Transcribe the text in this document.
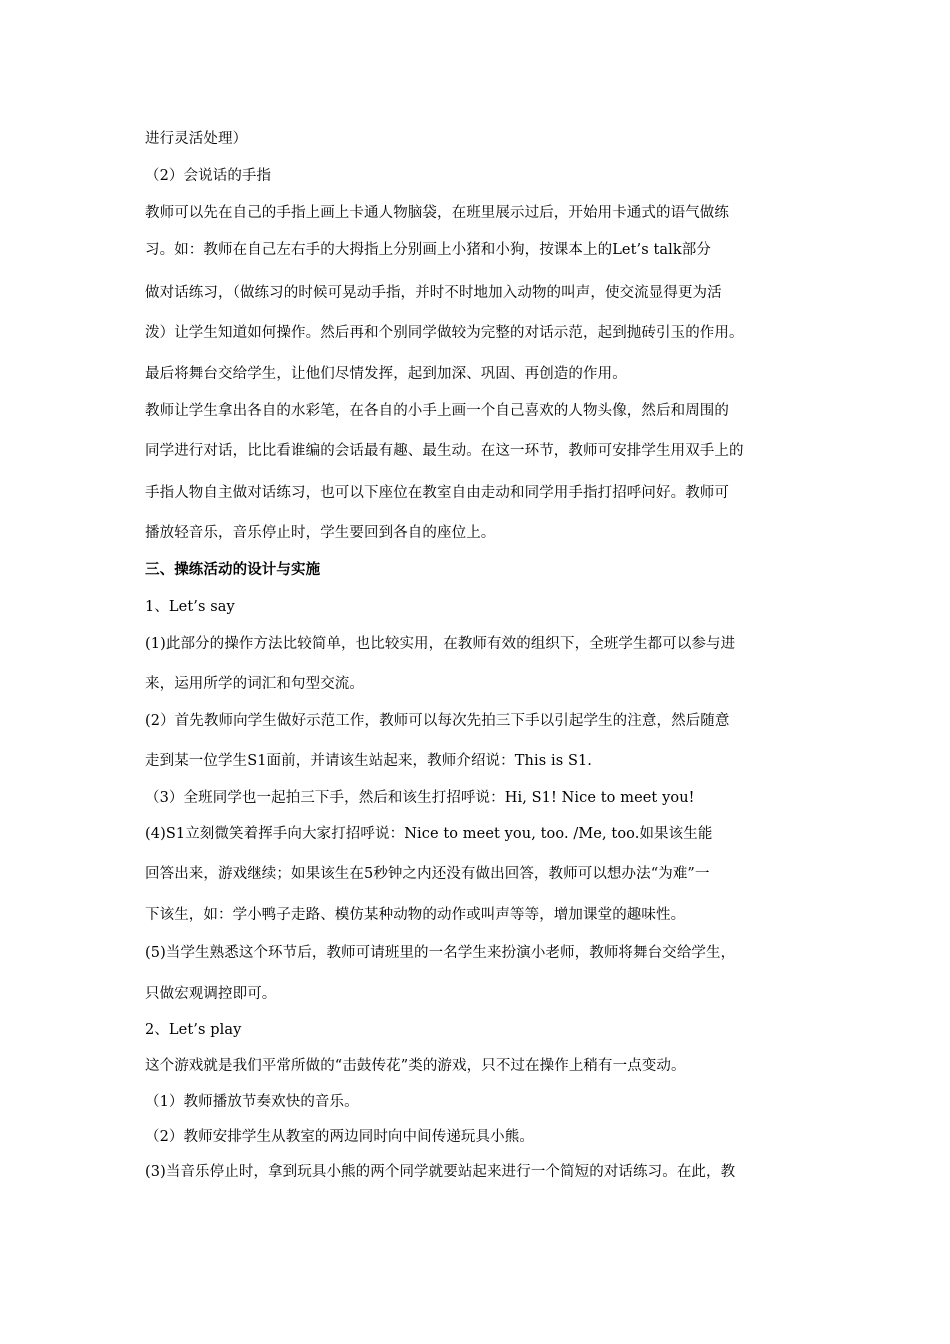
进行灵活处理）
（2）会说话的手指
教师可以先在自己的手指上画上卡通人物脑袋，在班里展示过后，开始用卡通式的语气做练
习。如：教师在自己左右手的大拇指上分别画上小猪和小狗，按课本上的Let’s talk部分
做对话练习，（做练习的时候可晃动手指，并时不时地加入动物的叫声，使交流显得更为活
泼）让学生知道如何操作。然后再和个别同学做较为完整的对话示范，起到抛砖引玉的作用。
最后将舞台交给学生，让他们尽情发挥，起到加深、巩固、再创造的作用。
教师让学生拿出各自的水彩笔，在各自的小手上画一个自己喜欢的人物头像，然后和周围的
同学进行对话，比比看谁编的会话最有趣、最生动。在这一环节，教师可安排学生用双手上的
手指人物自主做对话练习，也可以下座位在教室自由走动和同学用手指打招呼问好。教师可
播放轻音乐，音乐停止时，学生要回到各自的座位上。
三、操练活动的设计与实施
1、Let’s say
(1)此部分的操作方法比较简单，也比较实用，在教师有效的组织下，全班学生都可以参与进
来，运用所学的词汇和句型交流。
(2）首先教师向学生做好示范工作，教师可以每次先拍三下手以引起学生的注意，然后随意
走到某一位学生S1面前，并请该生站起来，教师介绍说：This is S1.
（3）全班同学也一起拍三下手，然后和该生打招呼说：Hi, S1! Nice to meet you!
(4)S1立刻微笑着挥手向大家打招呼说：Nice to meet you, too. /Me, too.如果该生能
回答出来，游戏继续；如果该生在5秒钟之内还没有做出回答，教师可以想办法“为难”一
下该生，如：学小鸭子走路、模仿某种动物的动作或叫声等等，增加课堂的趣味性。
(5)当学生熟悉这个环节后，教师可请班里的一名学生来扮演小老师，教师将舞台交给学生，
只做宏观调控即可。
2、Let’s play
这个游戏就是我们平常所做的“击鼓传花”类的游戏，只不过在操作上稍有一点变动。
（1）教师播放节奏欢快的音乐。
（2）教师安排学生从教室的两边同时向中间传递玩具小熊。
(3)当音乐停止时，拿到玩具小熊的两个同学就要站起来进行一个简短的对话练习。在此，教
